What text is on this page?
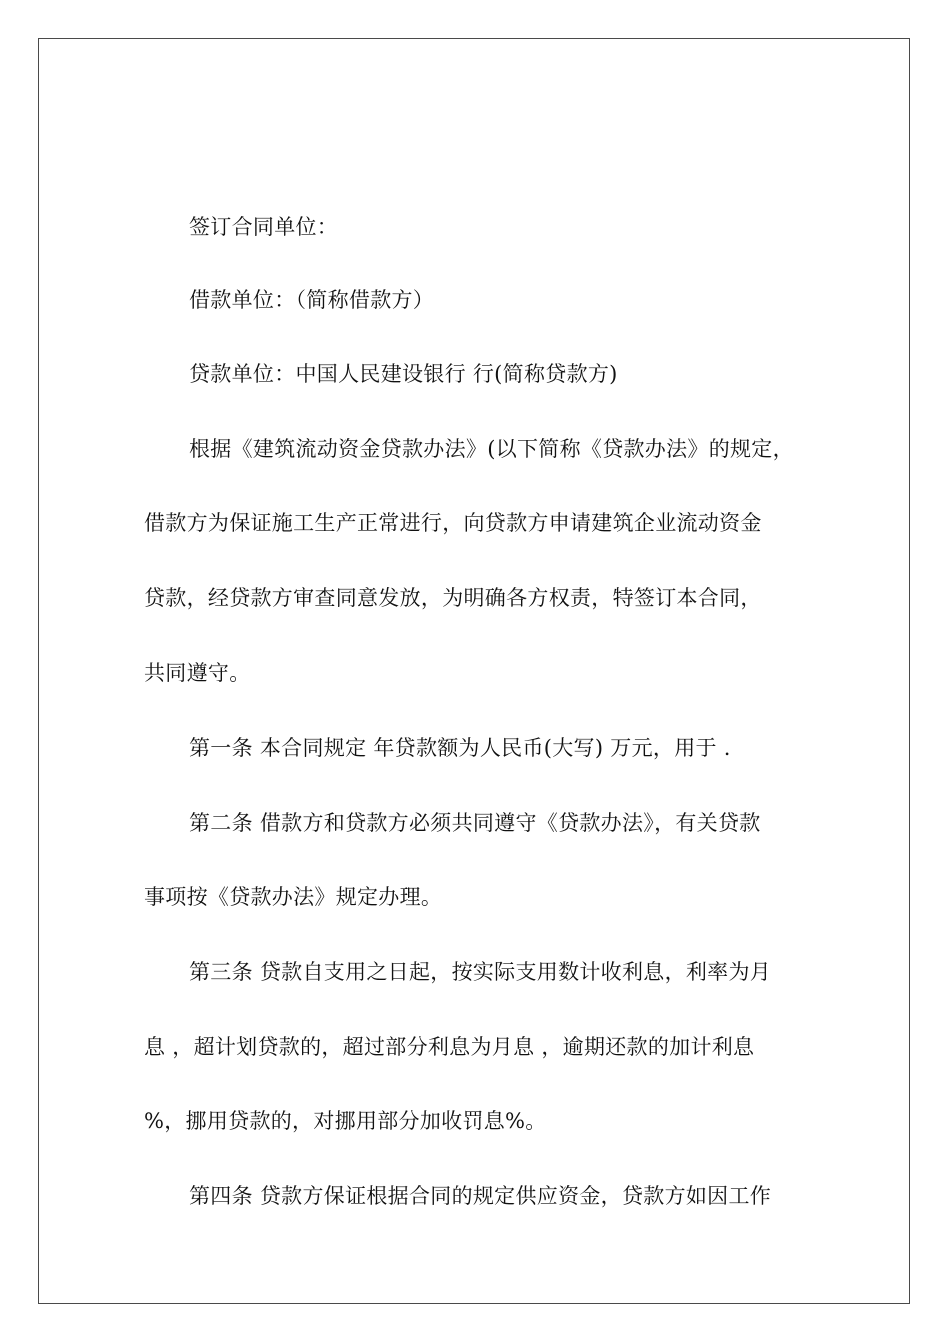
签订合同单位：
借款单位：（简称借款方）
贷款单位：中国人民建设银行 行(简称贷款方)
根据《建筑流动资金贷款办法》(以下简称《贷款办法》的规定，
借款方为保证施工生产正常进行，向贷款方申请建筑企业流动资金
贷款，经贷款方审查同意发放，为明确各方权责，特签订本合同，
共同遵守。
第一条 本合同规定 年贷款额为人民币(大写) 万元，用于 .
第二条 借款方和贷款方必须共同遵守《贷款办法》，有关贷款
事项按《贷款办法》规定办理。
第三条 贷款自支用之日起，按实际支用数计收利息，利率为月
息 ，超计划贷款的，超过部分利息为月息 ，逾期还款的加计利息
%，挪用贷款的，对挪用部分加收罚息%。
第四条 贷款方保证根据合同的规定供应资金，贷款方如因工作
